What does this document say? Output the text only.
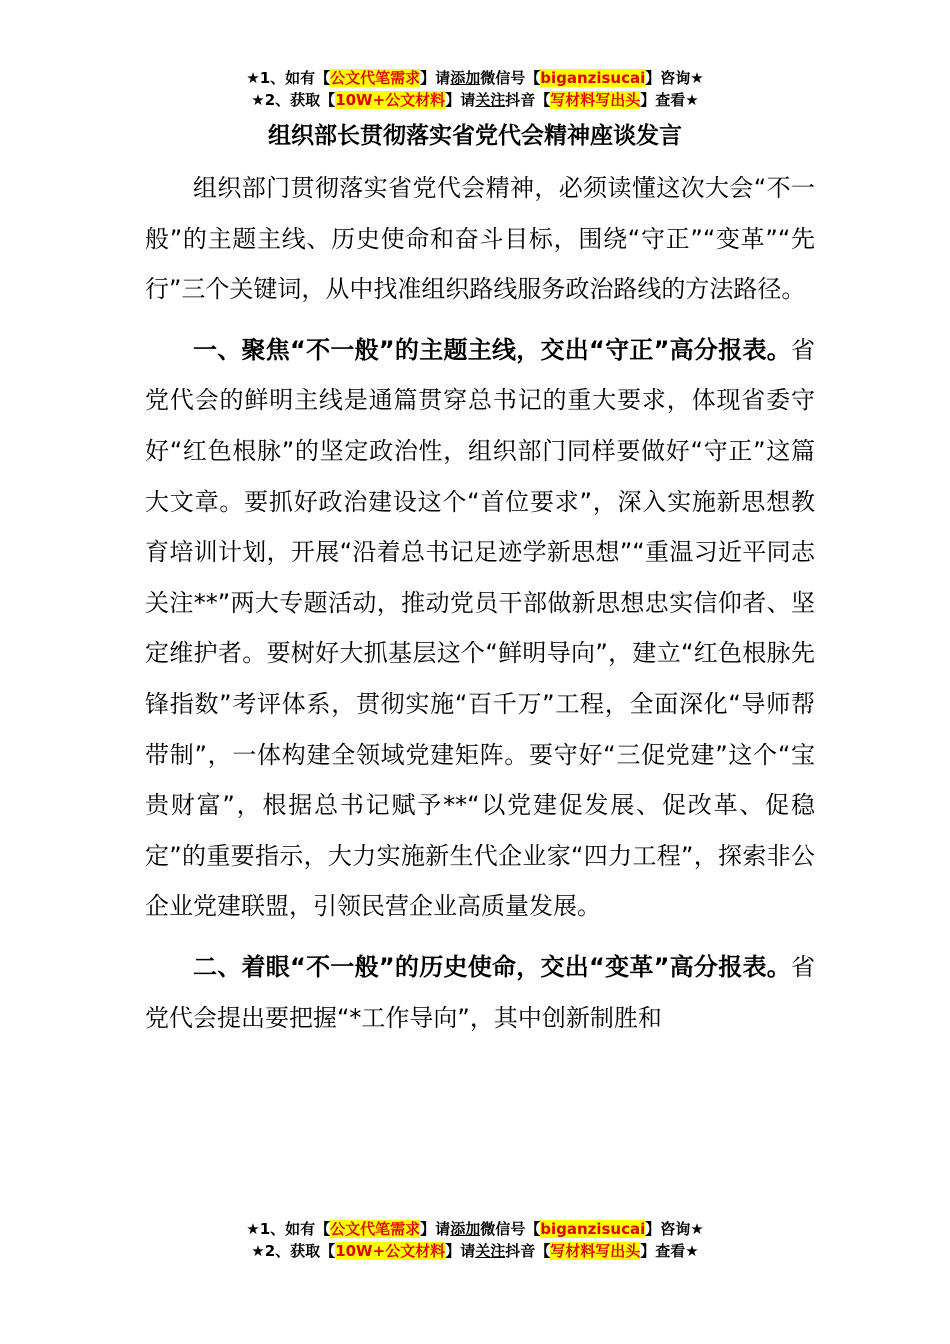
★1、如有【公文代笔需求】请添加微信号【biganzisucai】咨询★
★2、获取【10W+公文材料】请关注抖音【写材料写出头】查看★
组织部长贯彻落实省党代会精神座谈发言

组织部门贯彻落实省党代会精神，必须读懂这次大会“不一般”的主题主线、历史使命和奋斗目标，围绕“守正”“变革”“先行”三个关键词，从中找准组织路线服务政治路线的方法路径。

一、聚焦“不一般”的主题主线，交出“守正”高分报表。省党代会的鲜明主线是通篇贯穿总书记的重大要求，体现省委守好“红色根脉”的坚定政治性，组织部门同样要做好“守正”这篇大文章。要抓好政治建设这个“首位要求”，深入实施新思想教育培训计划，开展“沿着总书记足迹学新思想”“重温习近平同志关注**”两大专题活动，推动党员干部做新思想忠实信仰者、坚定维护者。要树好大抓基层这个“鲜明导向”，建立“红色根脉先锋指数”考评体系，贯彻实施“百千万”工程，全面深化“导师帮带制”，一体构建全领域党建矩阵。要守好“三促党建”这个“宝贵财富”，根据总书记赋予**“以党建促发展、促改革、促稳定”的重要指示，大力实施新生代企业家“四力工程”，探索非公企业党建联盟，引领民营企业高质量发展。

二、着眼“不一般”的历史使命，交出“变革”高分报表。省党代会提出要把握“*工作导向”，其中创新制胜和

★1、如有【公文代笔需求】请添加微信号【biganzisucai】咨询★
★2、获取【10W+公文材料】请关注抖音【写材料写出头】查看★
